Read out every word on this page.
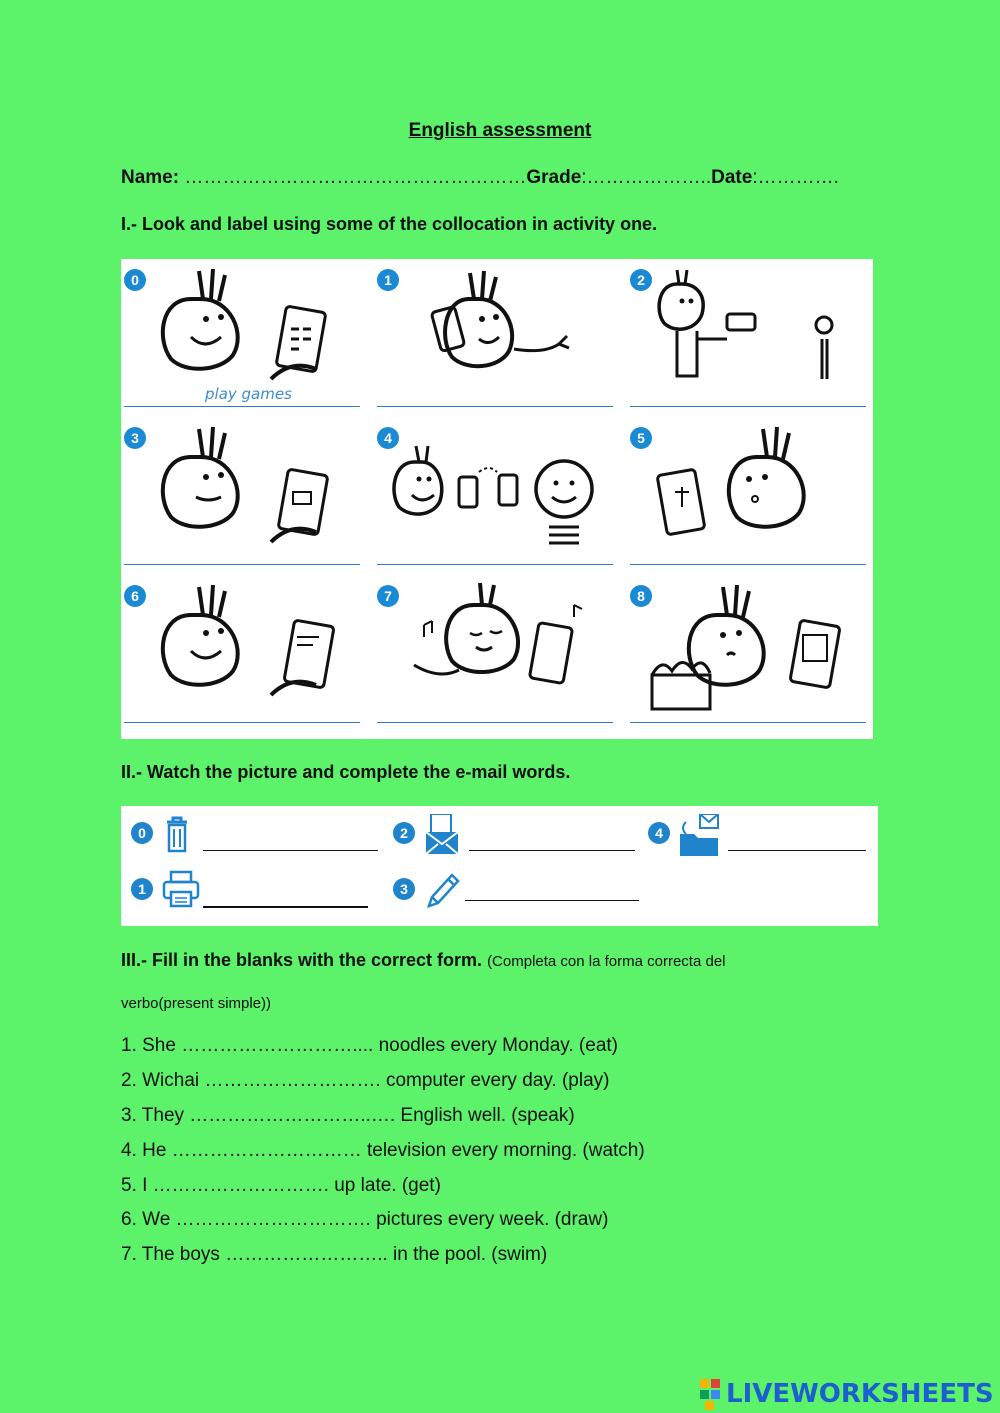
English assessment
Name: ………………………………………………Grade:………………..Date:………….
I.- Look and label using some of the collocation in activity one.
0
play games
1	2
3	4	5
6	7	8
II.- Watch the picture and complete the e-mail words.
0
1
2
3
4
III.- Fill in the blanks with the correct form. (Completa con la forma correcta del
verbo(present simple))
1. She ……………………….... noodles every Monday. (eat)
2. Wichai ………………………. computer every day. (play)
3. They ………………………..…. English well. (speak)
4. He ………………………… television every morning. (watch)
5. I ………………………. up late. (get)
6. We …………………………. pictures every week. (draw)
7. The boys …………………….. in the pool. (swim)
LIVEWORKSHEETS
